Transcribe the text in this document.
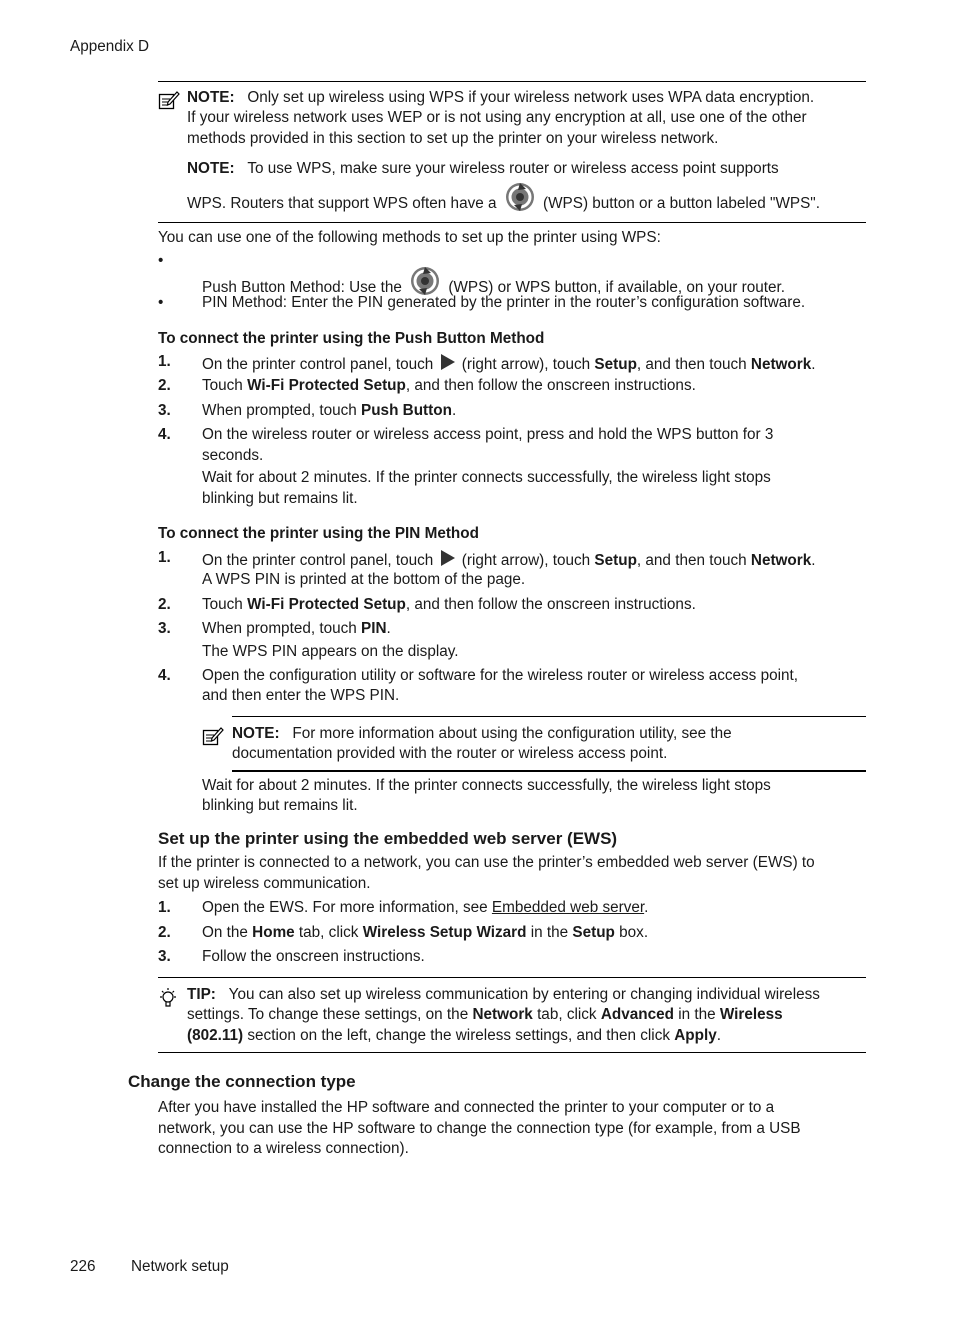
Appendix D
NOTE: Only set up wireless using WPS if your wireless network uses WPA data encryption.
If your wireless network uses WEP or is not using any encryption at all, use one of the other
methods provided in this section to set up the printer on your wireless network.
NOTE: To use WPS, make sure your wireless router or wireless access point supports
WPS. Routers that support WPS often have a	(WPS) button or a button labeled "WPS".
You can use one of the following methods to set up the printer using WPS:
•
Push Button Method: Use the	(WPS) or WPS button, if available, on your router.
•	PIN Method: Enter the PIN generated by the printer in the router’s configuration software.
To connect the printer using the Push Button Method
1. On the printer control panel, touch (right arrow), touch Setup, and then touch Network.
2. Touch Wi-Fi Protected Setup, and then follow the onscreen instructions.
3. When prompted, touch Push Button.
4. On the wireless router or wireless access point, press and hold the WPS button for 3
seconds.
Wait for about 2 minutes. If the printer connects successfully, the wireless light stops
blinking but remains lit.
To connect the printer using the PIN Method
1. On the printer control panel, touch (right arrow), touch Setup, and then touch Network.
A WPS PIN is printed at the bottom of the page.
2. Touch Wi-Fi Protected Setup, and then follow the onscreen instructions.
3. When prompted, touch PIN.
The WPS PIN appears on the display.
4. Open the configuration utility or software for the wireless router or wireless access point,
and then enter the WPS PIN.
NOTE: For more information about using the configuration utility, see the
documentation provided with the router or wireless access point.
Wait for about 2 minutes. If the printer connects successfully, the wireless light stops
blinking but remains lit.
Set up the printer using the embedded web server (EWS)
If the printer is connected to a network, you can use the printer’s embedded web server (EWS) to
set up wireless communication.
1. Open the EWS. For more information, see Embedded web server.
2. On the Home tab, click Wireless Setup Wizard in the Setup box.
3. Follow the onscreen instructions.
TIP: You can also set up wireless communication by entering or changing individual wireless
settings. To change these settings, on the Network tab, click Advanced in the Wireless
(802.11) section on the left, change the wireless settings, and then click Apply.
Change the connection type
After you have installed the HP software and connected the printer to your computer or to a
network, you can use the HP software to change the connection type (for example, from a USB
connection to a wireless connection).
226 Network setup
